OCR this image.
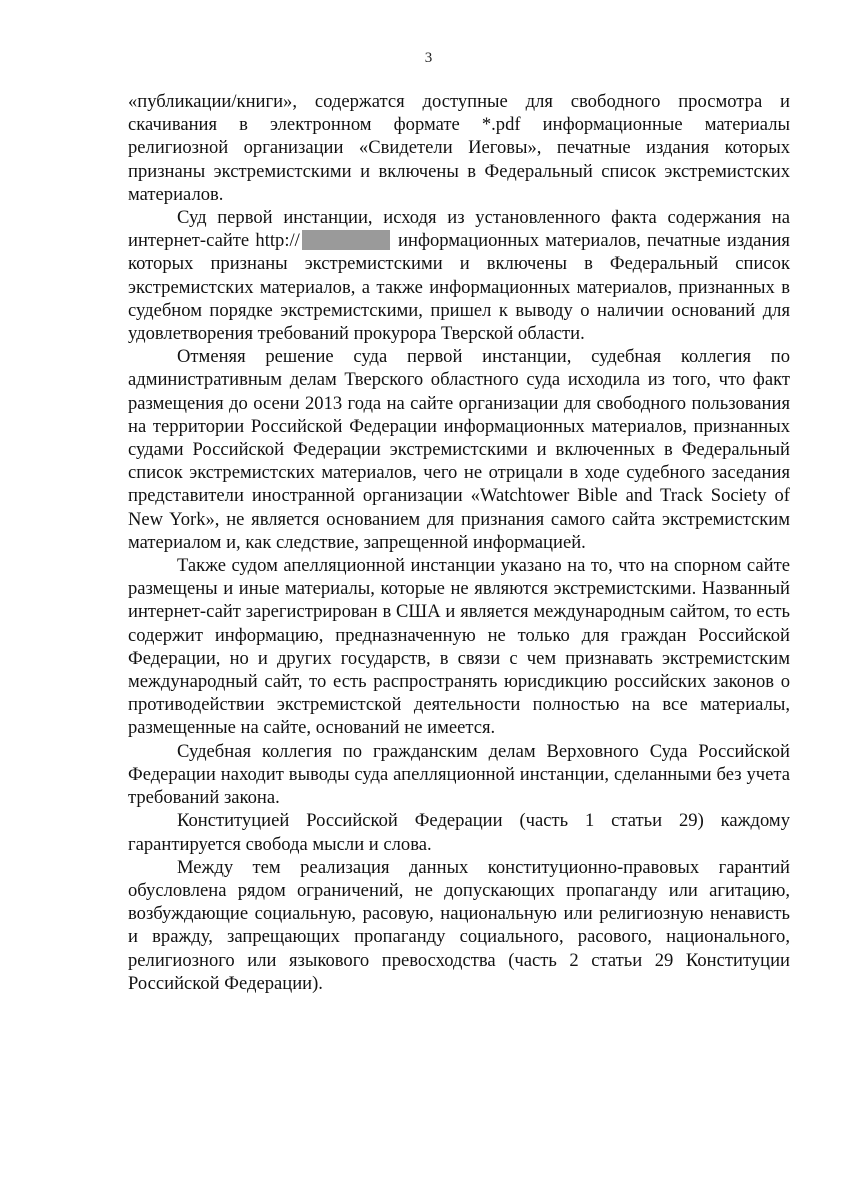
3

«публикации/книги», содержатся доступные для свободного просмотра и скачивания в электронном формате *.pdf информационные материалы религиозной организации «Свидетели Иеговы», печатные издания которых признаны экстремистскими и включены в Федеральный список экстремистских материалов.

Суд первой инстанции, исходя из установленного факта содержания на интернет-сайте http://	информационных материалов, печатные издания которых признаны экстремистскими и включены в Федеральный список экстремистских материалов, а также информационных материалов, признанных в судебном порядке экстремистскими, пришел к выводу о наличии оснований для удовлетворения требований прокурора Тверской области.

Отменяя решение суда первой инстанции, судебная коллегия по административным делам Тверского областного суда исходила из того, что факт размещения до осени 2013 года на сайте организации для свободного пользования на территории Российской Федерации информационных материалов, признанных судами Российской Федерации экстремистскими и включенных в Федеральный список экстремистских материалов, чего не отрицали в ходе судебного заседания представители иностранной организации «Watchtower Bible and Track Society of New York», не является основанием для признания самого сайта экстремистским материалом и, как следствие, запрещенной информацией.

Также судом апелляционной инстанции указано на то, что на спорном сайте размещены и иные материалы, которые не являются экстремистскими. Названный интернет-сайт зарегистрирован в США и является международным сайтом, то есть содержит информацию, предназначенную не только для граждан Российской Федерации, но и других государств, в связи с чем признавать экстремистским международный сайт, то есть распространять юрисдикцию российских законов о противодействии экстремистской деятельности полностью на все материалы, размещенные на сайте, оснований не имеется.

Судебная коллегия по гражданским делам Верховного Суда Российской Федерации находит выводы суда апелляционной инстанции, сделанными без учета требований закона.

Конституцией Российской Федерации (часть 1 статьи 29) каждому гарантируется свобода мысли и слова.

Между тем реализация данных конституционно-правовых гарантий обусловлена рядом ограничений, не допускающих пропаганду или агитацию, возбуждающие социальную, расовую, национальную или религиозную ненависть и вражду, запрещающих пропаганду социального, расового, национального, религиозного или языкового превосходства (часть 2 статьи 29 Конституции Российской Федерации).
